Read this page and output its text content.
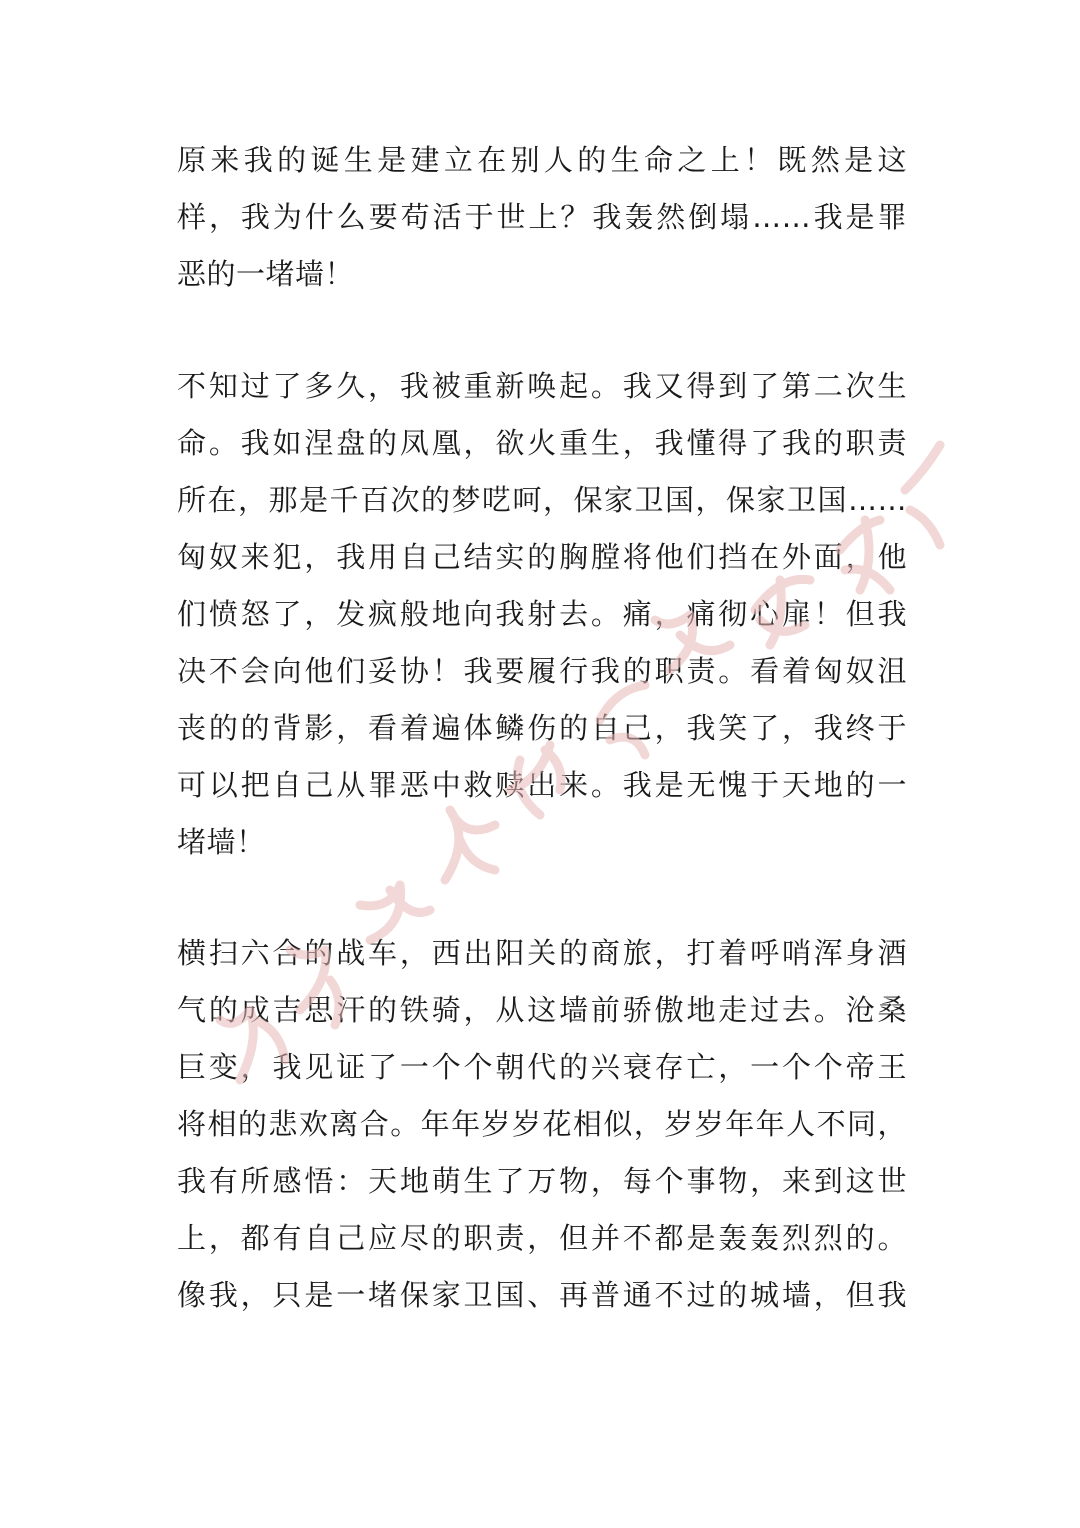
原来我的诞生是建立在别人的生命之上！既然是这
样，我为什么要苟活于世上？我轰然倒塌……我是罪
恶的一堵墙！
不知过了多久，我被重新唤起。我又得到了第二次生
命。我如涅盘的凤凰，欲火重生，我懂得了我的职责
所在，那是千百次的梦呓呵，保家卫国，保家卫国……
匈奴来犯，我用自己结实的胸膛将他们挡在外面，他
们愤怒了，发疯般地向我射去。痛，痛彻心扉！但我
决不会向他们妥协！我要履行我的职责。看着匈奴沮
丧的的背影，看着遍体鳞伤的自己，我笑了，我终于
可以把自己从罪恶中救赎出来。我是无愧于天地的一
堵墙！
横扫六合的战车，西出阳关的商旅，打着呼哨浑身酒
气的成吉思汗的铁骑，从这墙前骄傲地走过去。沧桑
巨变，我见证了一个个朝代的兴衰存亡，一个个帝王
将相的悲欢离合。年年岁岁花相似，岁岁年年人不同，
我有所感悟：天地萌生了万物，每个事物，来到这世
上，都有自己应尽的职责，但并不都是轰轰烈烈的。
像我，只是一堵保家卫国、再普通不过的城墙，但我
